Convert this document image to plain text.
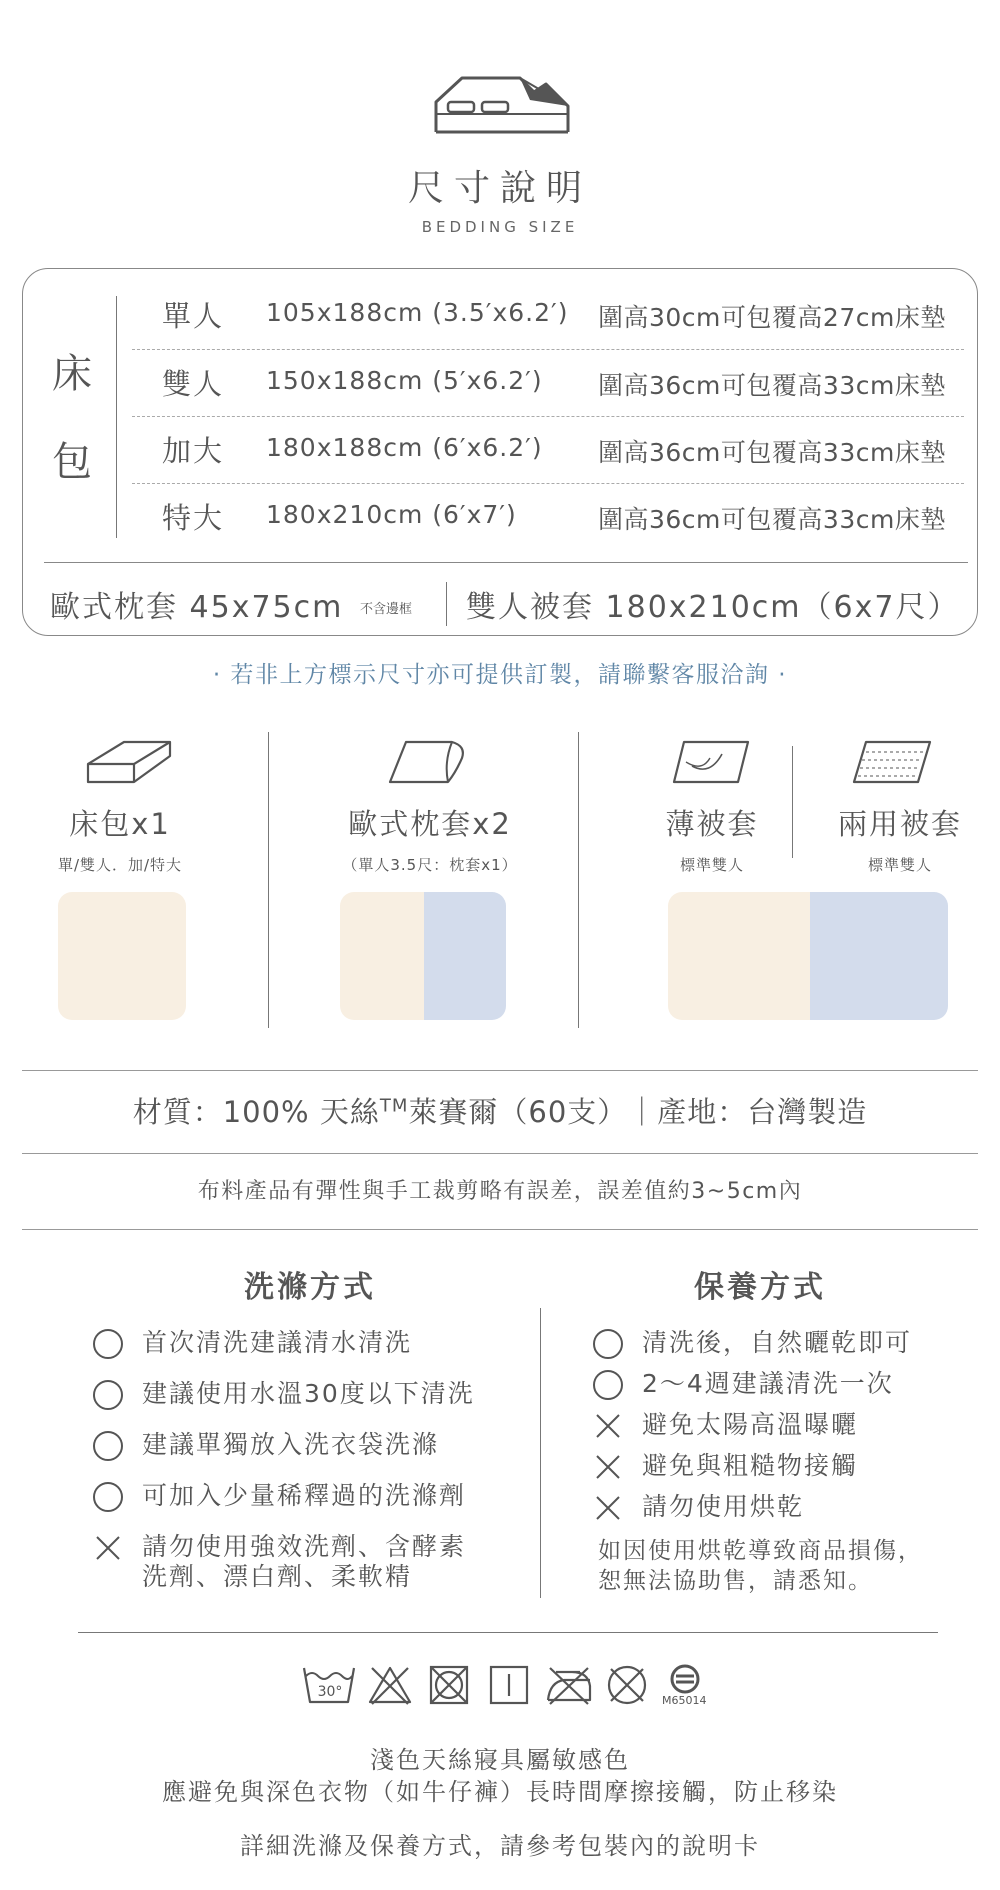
尺寸說明
BEDDING SIZE
床
包
單人 105x188cm (3.5′x6.2′) 圍高30cm可包覆高27cm床墊
雙人 150x188cm (5′x6.2′) 圍高36cm可包覆高33cm床墊
加大 180x188cm (6′x6.2′) 圍高36cm可包覆高33cm床墊
特大 180x210cm (6′x7′)	圍高36cm可包覆高33cm床墊
歐式枕套 45x75cm 不含邊框 雙人被套 180x210cm（6x7尺）
· 若非上方標示尺寸亦可提供訂製，請聯繫客服洽詢 ·
床包x1
單/雙人．加/特大
歐式枕套x2
（單人3.5尺：枕套x1）
薄被套
標準雙人
兩用被套
標準雙人
材質：100% 天絲™萊賽爾（60支）｜產地：台灣製造
布料產品有彈性與手工裁剪略有誤差，誤差值約3~5cm內
洗滌方式
首次清洗建議清水清洗
建議使用水溫30度以下清洗
建議單獨放入洗衣袋洗滌
可加入少量稀釋過的洗滌劑
請勿使用強效洗劑、含酵素
洗劑、漂白劑、柔軟精
保養方式
清洗後，自然曬乾即可
2～4週建議清洗一次
避免太陽高溫曝曬
避免與粗糙物接觸
請勿使用烘乾
如因使用烘乾導致商品損傷，
恕無法協助售，請悉知。
30°
M65014
淺色天絲寢具屬敏感色
應避免與深色衣物（如牛仔褲）長時間摩擦接觸，防止移染
詳細洗滌及保養方式，請參考包裝內的說明卡
